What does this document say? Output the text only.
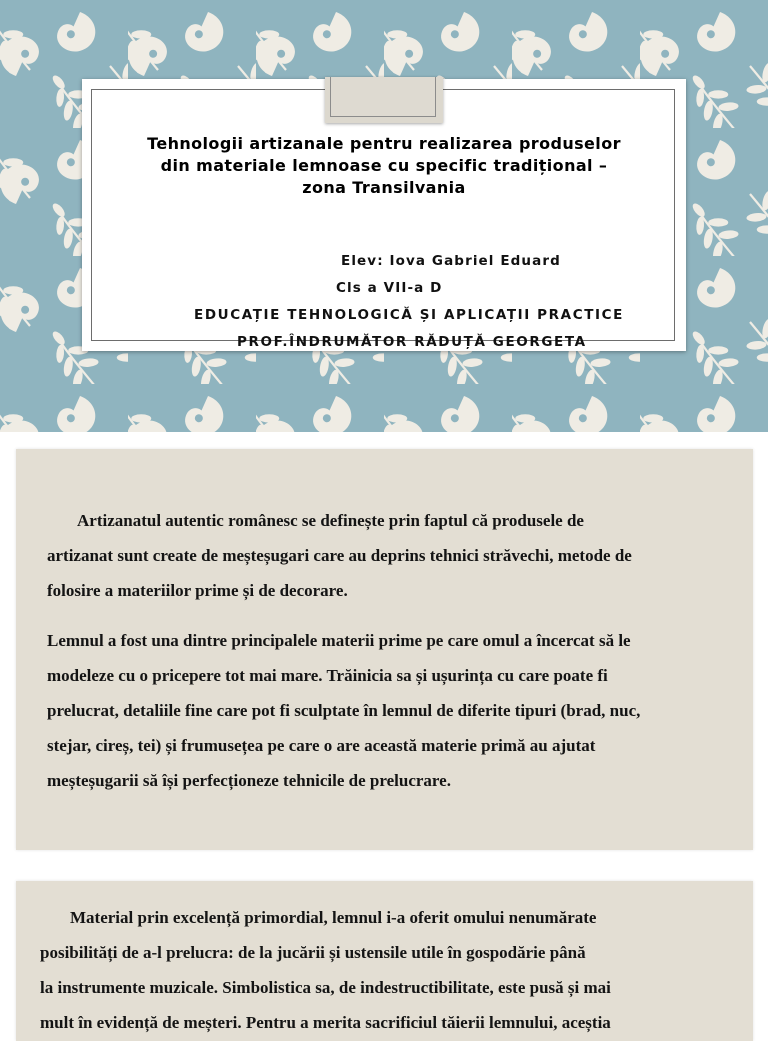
Tehnologii artizanale pentru realizarea produselor
din materiale lemnoase cu specific tradițional –
zona Transilvania
Elev: Iova Gabriel Eduard
Cls a VII-a D
EDUCAȚIE TEHNOLOGICĂ ȘI APLICAȚII PRACTICE
PROF.ÎNDRUMĂTOR RĂDUȚĂ GEORGETA

Artizanatul autentic românesc se definește prin faptul că produsele de
artizanat sunt create de meșteșugari care au deprins tehnici străvechi, metode de
folosire a materiilor prime și de decorare.

Lemnul a fost una dintre principalele materii prime pe care omul a încercat să le
modeleze cu o pricepere tot mai mare. Trăinicia sa și ușurința cu care poate fi
prelucrat, detaliile fine care pot fi sculptate în lemnul de diferite tipuri (brad, nuc,
stejar, cireș, tei) și frumusețea pe care o are această materie primă au ajutat
meșteșugarii să își perfecționeze tehnicile de prelucrare.

Material prin excelență primordial, lemnul i-a oferit omului nenumărate
posibilități de a-l prelucra: de la jucării și ustensile utile în gospodărie până
la instrumente muzicale. Simbolistica sa, de indestructibilitate, este pusă și mai
mult în evidență de meșteri. Pentru a merita sacrificiul tăierii lemnului, aceștia
